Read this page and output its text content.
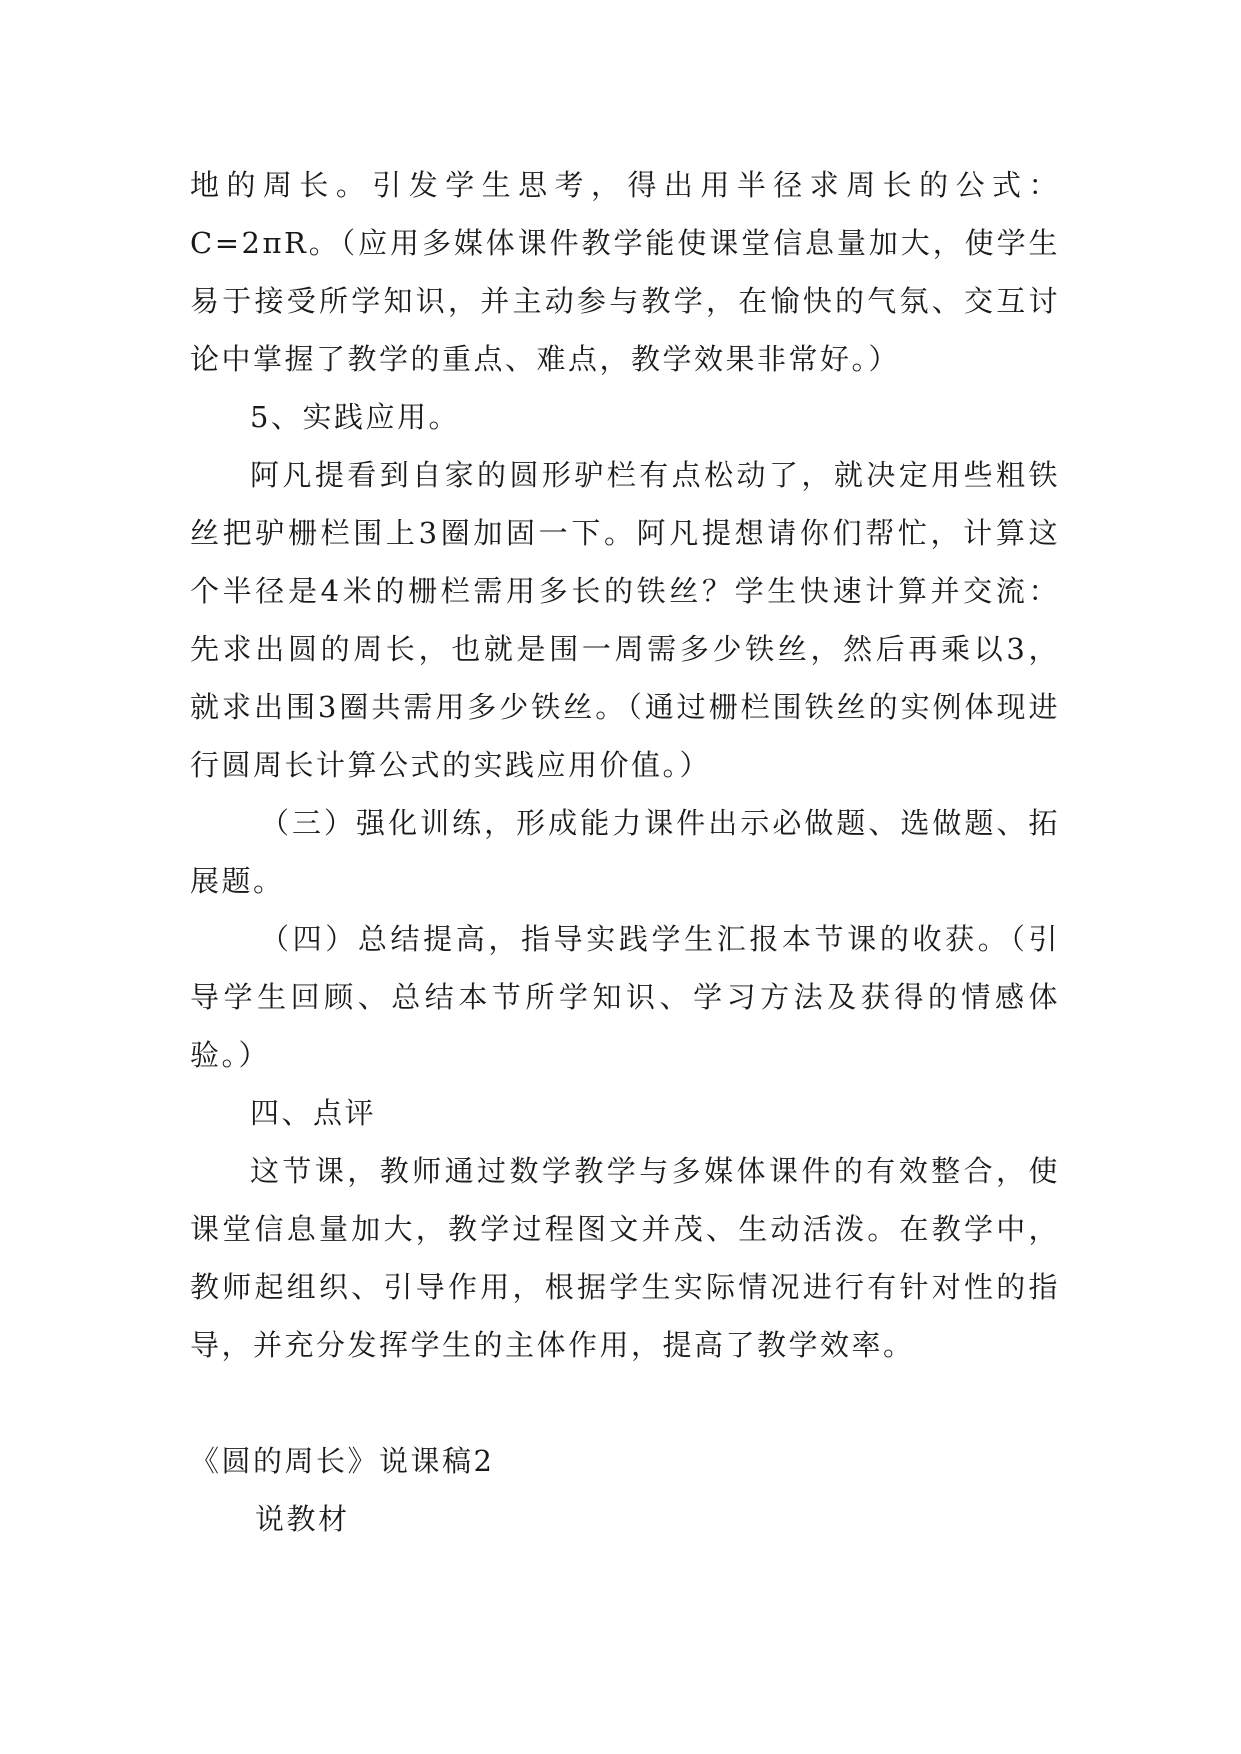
地的周长。引发学生思考，得出用半径求周长的公式：C=2πR。（应用多媒体课件教学能使课堂信息量加大，使学生易于接受所学知识，并主动参与教学，在愉快的气氛、交互讨论中掌握了教学的重点、难点，教学效果非常好。）

5、实践应用。

阿凡提看到自家的圆形驴栏有点松动了，就决定用些粗铁丝把驴栅栏围上3圈加固一下。阿凡提想请你们帮忙，计算这个半径是4米的栅栏需用多长的铁丝？学生快速计算并交流：先求出圆的周长，也就是围一周需多少铁丝，然后再乘以3，就求出围3圈共需用多少铁丝。（通过栅栏围铁丝的实例体现进行圆周长计算公式的实践应用价值。）

（三）强化训练，形成能力课件出示必做题、选做题、拓展题。

（四）总结提高，指导实践学生汇报本节课的收获。（引导学生回顾、总结本节所学知识、学习方法及获得的情感体验。）

四、点评

这节课，教师通过数学教学与多媒体课件的有效整合，使课堂信息量加大，教学过程图文并茂、生动活泼。在教学中，教师起组织、引导作用，根据学生实际情况进行有针对性的指导，并充分发挥学生的主体作用，提高了教学效率。

《圆的周长》说课稿2

说教材
